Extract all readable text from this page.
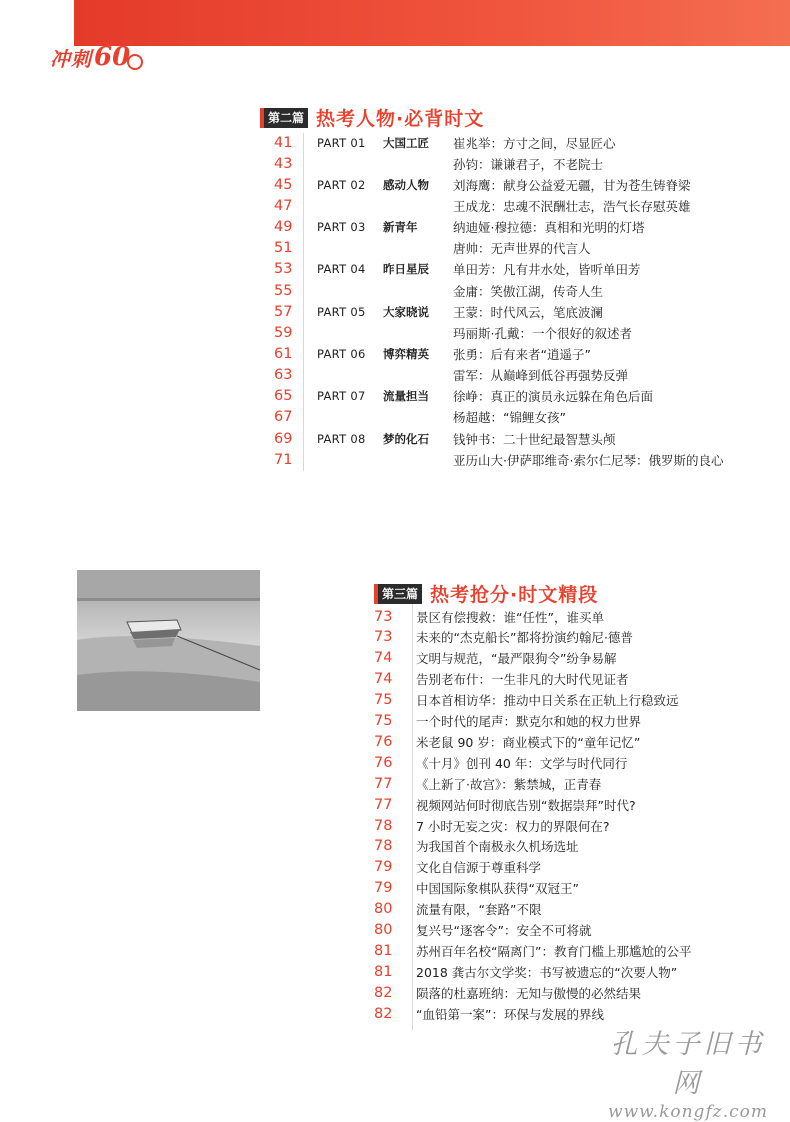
冲刺 60
第二篇 热考人物·必背时文
41	PART 01	大国工匠	崔兆举：方寸之间，尽显匠心
43	孙钧：谦谦君子，不老院士
45	PART 02	感动人物	刘海鹰：献身公益爱无疆，甘为苍生铸脊梁
47	王成龙：忠魂不泯酬壮志，浩气长存慰英雄
49	PART 03	新青年	纳迪娅·穆拉德：真相和光明的灯塔
51	唐帅：无声世界的代言人
53	PART 04	昨日星辰	单田芳：凡有井水处，皆听单田芳
55	金庸：笑傲江湖，传奇人生
57	PART 05	大家晓说	王蒙：时代风云，笔底波澜
59	玛丽斯·孔戴：一个很好的叙述者
61	PART 06	博弈精英	张勇：后有来者“逍遥子”
63	雷军：从巅峰到低谷再强势反弹
65	PART 07	流量担当	徐峥：真正的演员永远躲在角色后面
67	杨超越：“锦鲤女孩”
69	PART 08	梦的化石	钱钟书：二十世纪最智慧头颅
71	亚历山大·伊萨耶维奇·索尔仁尼琴：俄罗斯的良心
第三篇 热考抢分·时文精段
73	景区有偿搜救：谁“任性”，谁买单
73	未来的“杰克船长”都将扮演约翰尼·德普
74	文明与规范，“最严限狗令”纷争易解
74	告别老布什：一生非凡的大时代见证者
75	日本首相访华：推动中日关系在正轨上行稳致远
75	一个时代的尾声：默克尔和她的权力世界
76	米老鼠 90 岁：商业模式下的“童年记忆”
76	《十月》创刊 40 年：文学与时代同行
77	《上新了·故宫》：紫禁城，正青春
77	视频网站何时彻底告别“数据崇拜”时代?
78	7 小时无妄之灾：权力的界限何在?
78	为我国首个南极永久机场选址
79	文化自信源于尊重科学
79	中国国际象棋队获得“双冠王”
80	流量有限，“套路”不限
80	复兴号“逐客令”：安全不可将就
81	苏州百年名校“隔离门”：教育门槛上那尴尬的公平
81	2018 龚古尔文学奖：书写被遗忘的“次要人物”
82	陨落的杜嘉班纳：无知与傲慢的必然结果
82	“血铅第一案”：环保与发展的界线
孔夫子旧书网
www.kongfz.com
